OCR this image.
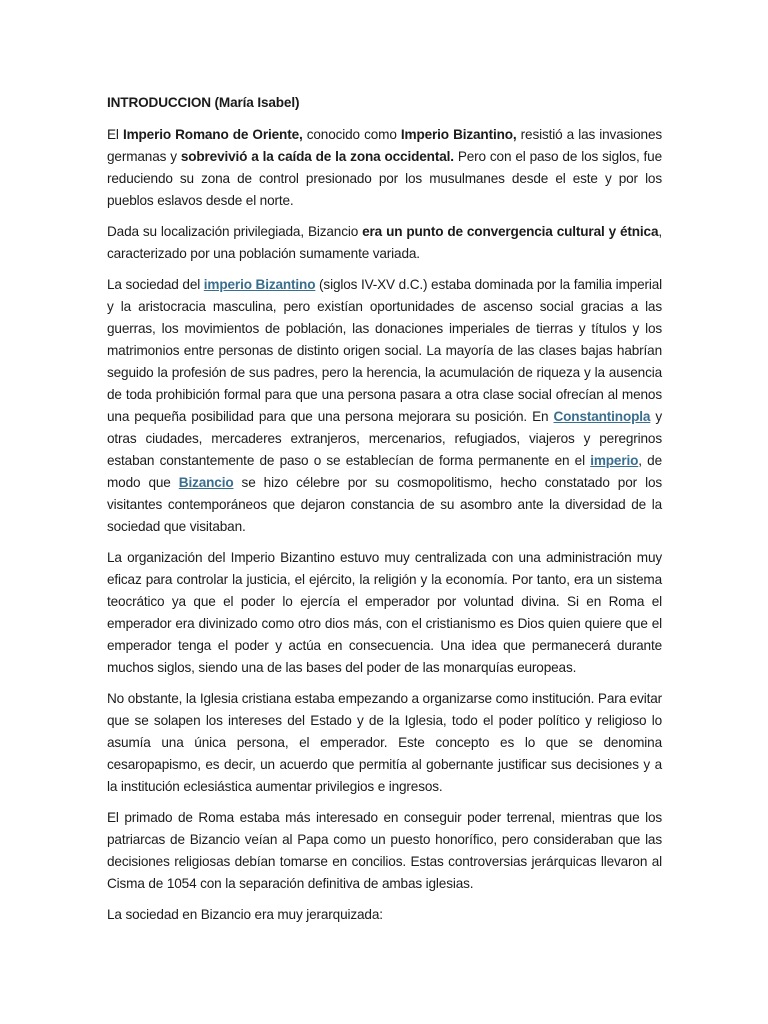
INTRODUCCION (María Isabel)

El Imperio Romano de Oriente, conocido como Imperio Bizantino, resistió a las invasiones germanas y sobrevivió a la caída de la zona occidental. Pero con el paso de los siglos, fue reduciendo su zona de control presionado por los musulmanes desde el este y por los pueblos eslavos desde el norte.

Dada su localización privilegiada, Bizancio era un punto de convergencia cultural y étnica, caracterizado por una población sumamente variada.

La sociedad del imperio Bizantino (siglos IV-XV d.C.) estaba dominada por la familia imperial y la aristocracia masculina, pero existían oportunidades de ascenso social gracias a las guerras, los movimientos de población, las donaciones imperiales de tierras y títulos y los matrimonios entre personas de distinto origen social. La mayoría de las clases bajas habrían seguido la profesión de sus padres, pero la herencia, la acumulación de riqueza y la ausencia de toda prohibición formal para que una persona pasara a otra clase social ofrecían al menos una pequeña posibilidad para que una persona mejorara su posición. En Constantinopla y otras ciudades, mercaderes extranjeros, mercenarios, refugiados, viajeros y peregrinos estaban constantemente de paso o se establecían de forma permanente en el imperio, de modo que Bizancio se hizo célebre por su cosmopolitismo, hecho constatado por los visitantes contemporáneos que dejaron constancia de su asombro ante la diversidad de la sociedad que visitaban.

La organización del Imperio Bizantino estuvo muy centralizada con una administración muy eficaz para controlar la justicia, el ejército, la religión y la economía. Por tanto, era un sistema teocrático ya que el poder lo ejercía el emperador por voluntad divina. Si en Roma el emperador era divinizado como otro dios más, con el cristianismo es Dios quien quiere que el emperador tenga el poder y actúa en consecuencia. Una idea que permanecerá durante muchos siglos, siendo una de las bases del poder de las monarquías europeas.

No obstante, la Iglesia cristiana estaba empezando a organizarse como institución. Para evitar que se solapen los intereses del Estado y de la Iglesia, todo el poder político y religioso lo asumía una única persona, el emperador. Este concepto es lo que se denomina cesaropapismo, es decir, un acuerdo que permitía al gobernante justificar sus decisiones y a la institución eclesiástica aumentar privilegios e ingresos.

El primado de Roma estaba más interesado en conseguir poder terrenal, mientras que los patriarcas de Bizancio veían al Papa como un puesto honorífico, pero consideraban que las decisiones religiosas debían tomarse en concilios. Estas controversias jerárquicas llevaron al Cisma de 1054 con la separación definitiva de ambas iglesias.

La sociedad en Bizancio era muy jerarquizada:
